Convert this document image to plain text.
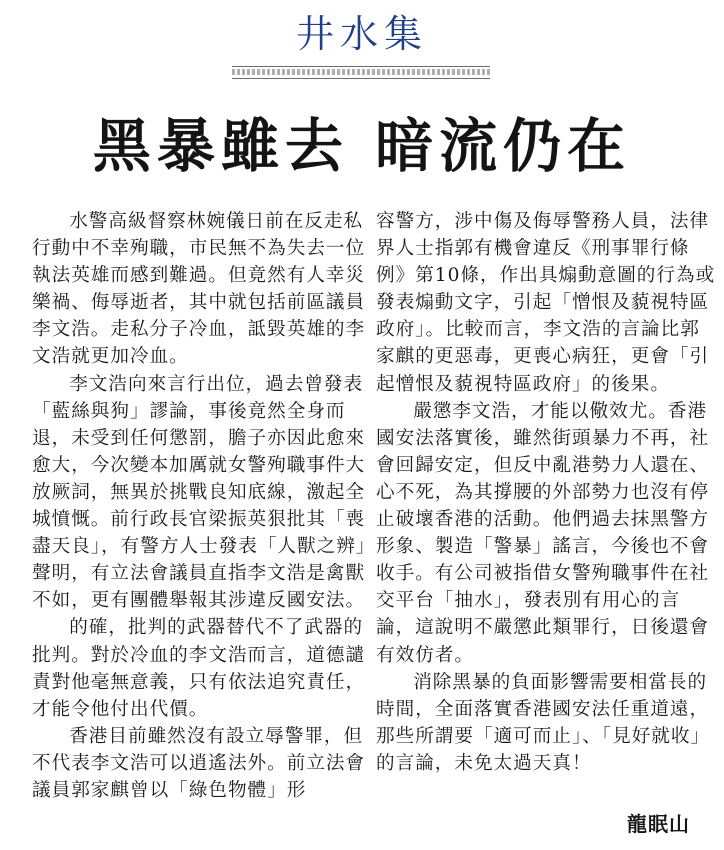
井水集
黑暴雖去 暗流仍在

水警高級督察林婉儀日前在反走私行動中不幸殉職，市民無不為失去一位執法英雄而感到難過。但竟然有人幸災樂禍、侮辱逝者，其中就包括前區議員李文浩。走私分子冷血，詆毀英雄的李文浩就更加冷血。

李文浩向來言行出位，過去曾發表「藍絲與狗」謬論，事後竟然全身而退，未受到任何懲罰，膽子亦因此愈來愈大，今次變本加厲就女警殉職事件大放厥詞，無異於挑戰良知底線，激起全城憤慨。前行政長官梁振英狠批其「喪盡天良」，有警方人士發表「人獸之辨」聲明，有立法會議員直指李文浩是禽獸不如，更有團體舉報其涉違反國安法。

的確，批判的武器替代不了武器的批判。對於冷血的李文浩而言，道德譴責對他毫無意義，只有依法追究責任，才能令他付出代價。

香港目前雖然沒有設立辱警罪，但不代表李文浩可以逍遙法外。前立法會議員郭家麒曾以「綠色物體」形

容警方，涉中傷及侮辱警務人員，法律界人士指郭有機會違反《刑事罪行條例》第10條，作出具煽動意圖的行為或發表煽動文字，引起「憎恨及藐視特區政府」。比較而言，李文浩的言論比郭家麒的更惡毒，更喪心病狂，更會「引起憎恨及藐視特區政府」的後果。

嚴懲李文浩，才能以儆效尤。香港國安法落實後，雖然街頭暴力不再，社會回歸安定，但反中亂港勢力人還在、心不死，為其撐腰的外部勢力也沒有停止破壞香港的活動。他們過去抹黑警方形象、製造「警暴」謠言，今後也不會收手。有公司被指借女警殉職事件在社交平台「抽水」，發表別有用心的言論，這說明不嚴懲此類罪行，日後還會有效仿者。

消除黑暴的負面影響需要相當長的時間，全面落實香港國安法任重道遠，那些所謂要「適可而止」、「見好就收」的言論，未免太過天真！

龍眠山
